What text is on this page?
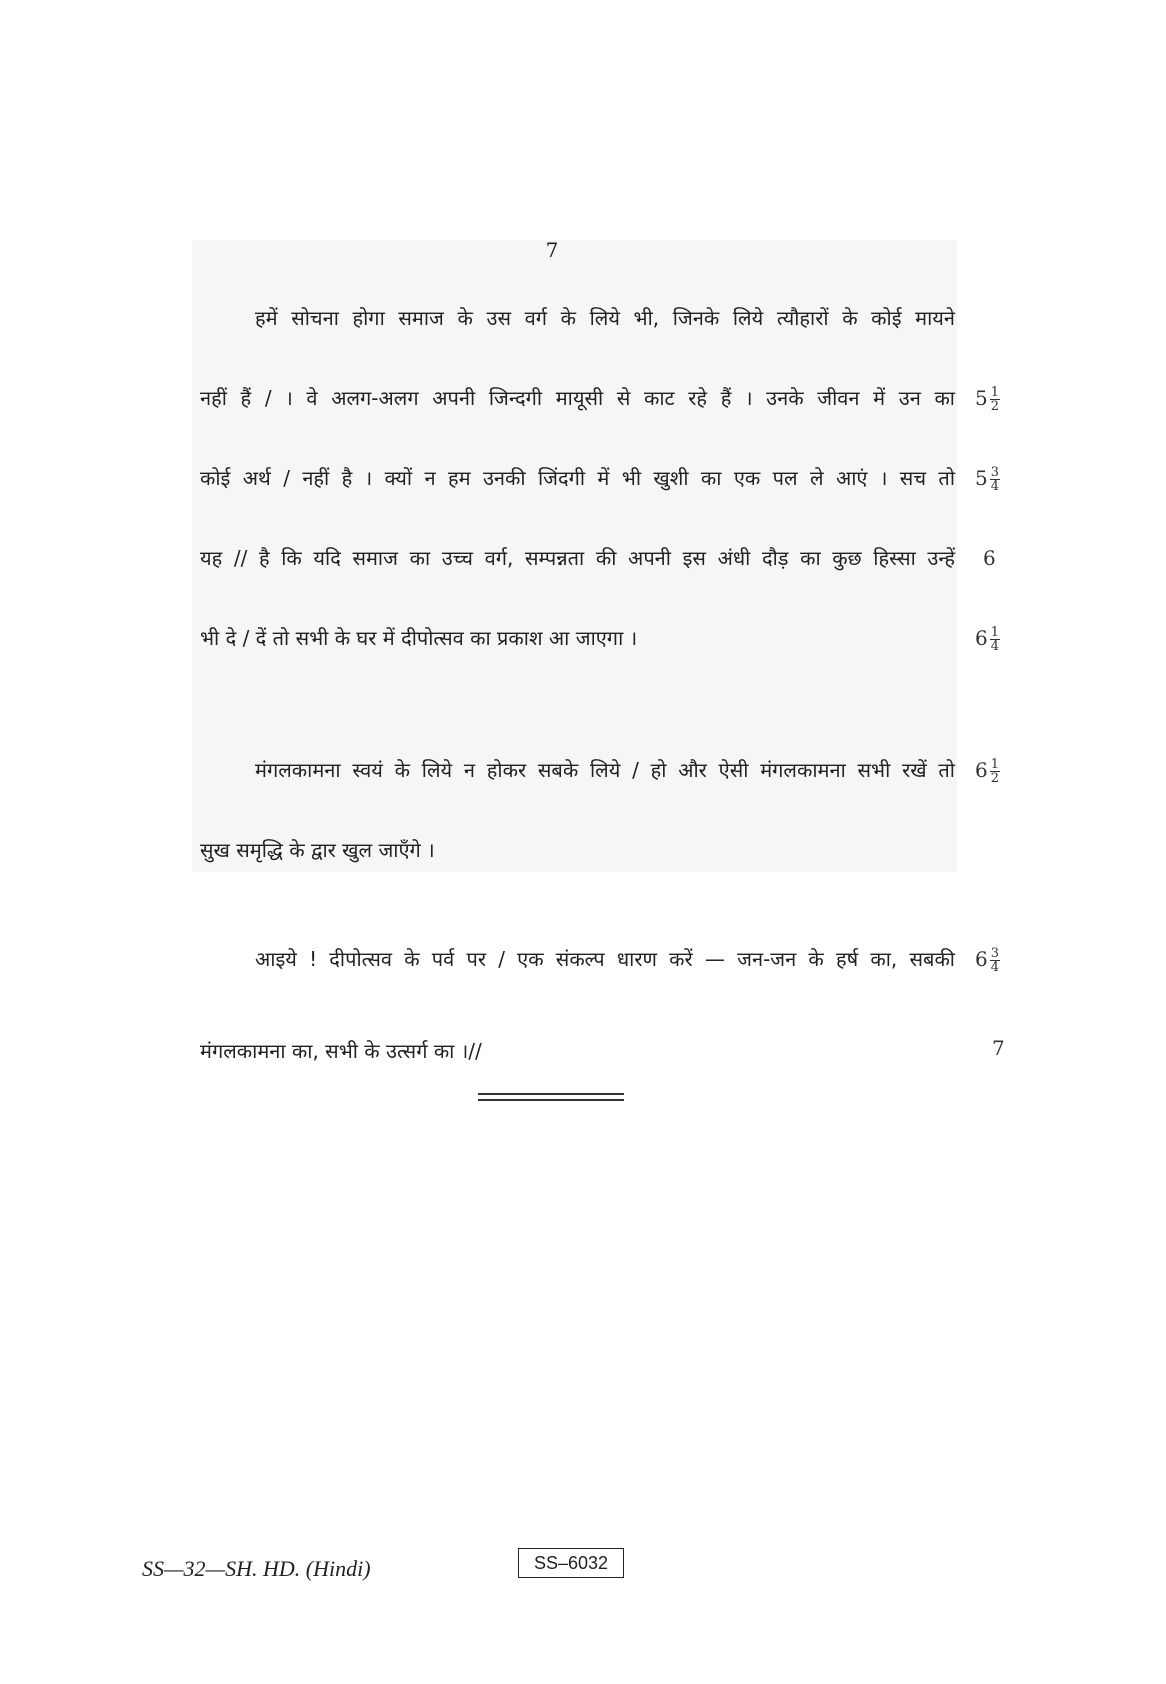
7
हमें सोचना होगा समाज के उस वर्ग के लिये भी, जिनके लिये त्यौहारों के कोई मायने
नहीं हैं / । वे अलग-अलग अपनी जिन्दगी मायूसी से काट रहे हैं । उनके जीवन में उन का $5 \frac{1}{2}$
कोई अर्थ / नहीं है । क्यों न हम उनकी जिंदगी में भी खुशी का एक पल ले आएं । सच तो $5 \frac{3}{4}$
यह // है कि यदि समाज का उच्च वर्ग, सम्पन्नता की अपनी इस अंधी दौड़ का कुछ हिस्सा उन्हें 6
भी दे / दें तो सभी के घर में दीपोत्सव का प्रकाश आ जाएगा ।	$6 \frac{1}{4}$
मंगलकामना स्वयं के लिये न होकर सबके लिये / हो और ऐसी मंगलकामना सभी रखें तो $6 \frac{1}{2}$
सुख समृद्धि के द्वार खुल जाएँगे ।
आइये ! दीपोत्सव के पर्व पर / एक संकल्प धारण करें — जन-जन के हर्ष का, सबकी $6 \frac{3}{4}$
मंगलकामना का, सभी के उत्सर्ग का ।//	7
SS—32—SH. HD. (Hindi)	SS–6032
